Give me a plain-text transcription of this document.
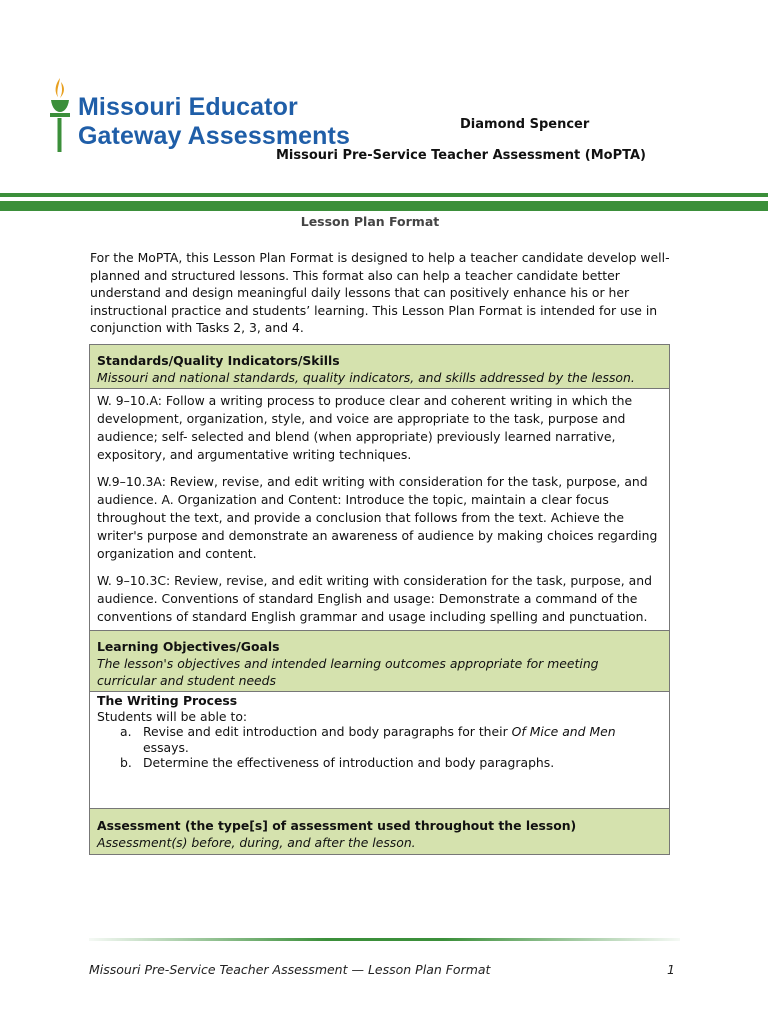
Missouri Educator
Gateway Assessments	Diamond Spencer
Missouri Pre-Service Teacher Assessment (MoPTA)
Lesson Plan Format
For the MoPTA, this Lesson Plan Format is designed to help a teacher candidate develop well-planned and structured lessons. This format also can help a teacher candidate better understand and design meaningful daily lessons that can positively enhance his or her instructional practice and students’ learning. This Lesson Plan Format is intended for use in conjunction with Tasks 2, 3, and 4.
Standards/Quality Indicators/Skills
Missouri and national standards, quality indicators, and skills addressed by the lesson.

W. 9–10.A: Follow a writing process to produce clear and coherent writing in which the development, organization, style, and voice are appropriate to the task, purpose and audience; self- selected and blend (when appropriate) previously learned narrative, expository, and argumentative writing techniques.

W.9–10.3A: Review, revise, and edit writing with consideration for the task, purpose, and audience. A. Organization and Content: Introduce the topic, maintain a clear focus throughout the text, and provide a conclusion that follows from the text. Achieve the writer's purpose and demonstrate an awareness of audience by making choices regarding organization and content.

W. 9–10.3C: Review, revise, and edit writing with consideration for the task, purpose, and audience. Conventions of standard English and usage: Demonstrate a command of the conventions of standard English grammar and usage including spelling and punctuation.

Learning Objectives/Goals
The lesson's objectives and intended learning outcomes appropriate for meeting curricular and student needs
The Writing Process
Students will be able to:
a. Revise and edit introduction and body paragraphs for their Of Mice and Men essays.
b. Determine the effectiveness of introduction and body paragraphs.
Assessment (the type[s] of assessment used throughout the lesson)
Assessment(s) before, during, and after the lesson.
Missouri Pre-Service Teacher Assessment — Lesson Plan Format	1
